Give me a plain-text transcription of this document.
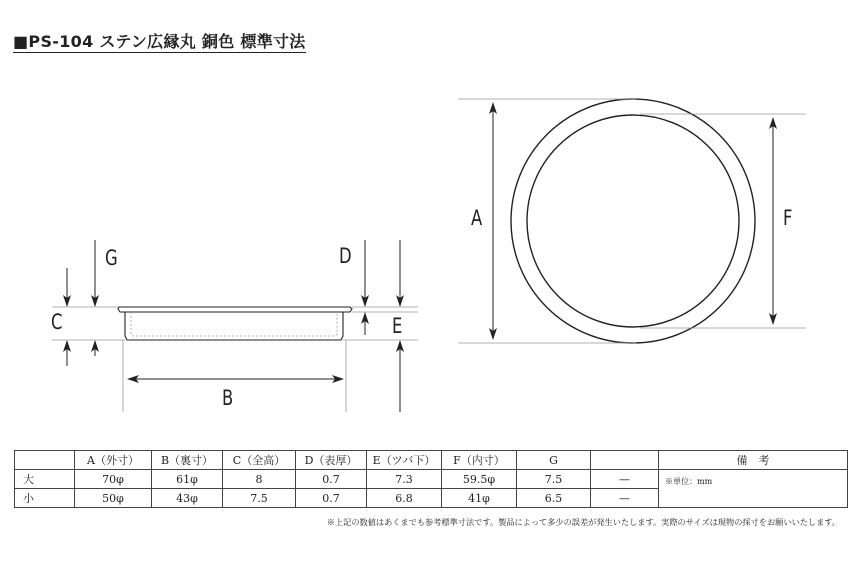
■PS-104 ステン広縁丸 銅色 標準寸法
C
G
B
D
E
A	F
	A（外寸）	B（裏寸）	C（全高）	D（表厚）	E（ツバ下）	F（内寸）	G		備　考
大	70φ	61φ	8	0.7	7.3	59.5φ	7.5	—	※単位：mm
小	50φ	43φ	7.5	0.7	6.8	41φ	6.5	—	
※上記の数値はあくまでも参考標準寸法です。製品によって多少の誤差が発生いたします。実際のサイズは現物の採寸をお願いいたします。
